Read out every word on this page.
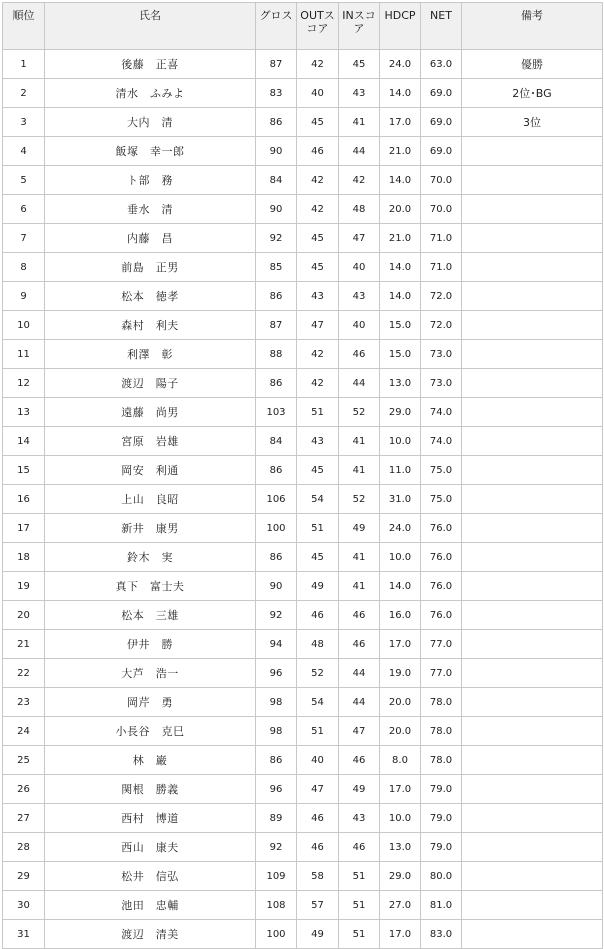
順位	氏名	グロス	OUTスコア	INスコア	HDCP	NET	備考
1	後藤　正喜	87	42	45	24.0	63.0	優勝
2	清水　ふみよ	83	40	43	14.0	69.0	2位･BG
3	大内　清	86	45	41	17.0	69.0	3位
4	飯塚　幸一郎	90	46	44	21.0	69.0	
5	ト部　務	84	42	42	14.0	70.0	
6	垂水　清	90	42	48	20.0	70.0	
7	内藤　昌	92	45	47	21.0	71.0	
8	前島　正男	85	45	40	14.0	71.0	
9	松本　徳孝	86	43	43	14.0	72.0	
10	森村　利夫	87	47	40	15.0	72.0	
11	利澤　彰	88	42	46	15.0	73.0	
12	渡辺　陽子	86	42	44	13.0	73.0	
13	遠藤　尚男	103	51	52	29.0	74.0	
14	宮原　岩雄	84	43	41	10.0	74.0	
15	岡安　利通	86	45	41	11.0	75.0	
16	上山　良昭	106	54	52	31.0	75.0	
17	新井　康男	100	51	49	24.0	76.0	
18	鈴木　実	86	45	41	10.0	76.0	
19	真下　富士夫	90	49	41	14.0	76.0	
20	松本　三雄	92	46	46	16.0	76.0	
21	伊井　勝	94	48	46	17.0	77.0	
22	大芦　浩一	96	52	44	19.0	77.0	
23	岡芹　勇	98	54	44	20.0	78.0	
24	小長谷　克巳	98	51	47	20.0	78.0	
25	林　巌	86	40	46	8.0	78.0	
26	関根　勝義	96	47	49	17.0	79.0	
27	西村　博道	89	46	43	10.0	79.0	
28	西山　康夫	92	46	46	13.0	79.0	
29	松井　信弘	109	58	51	29.0	80.0	
30	池田　忠輔	108	57	51	27.0	81.0	
31	渡辺　清美	100	49	51	17.0	83.0	
